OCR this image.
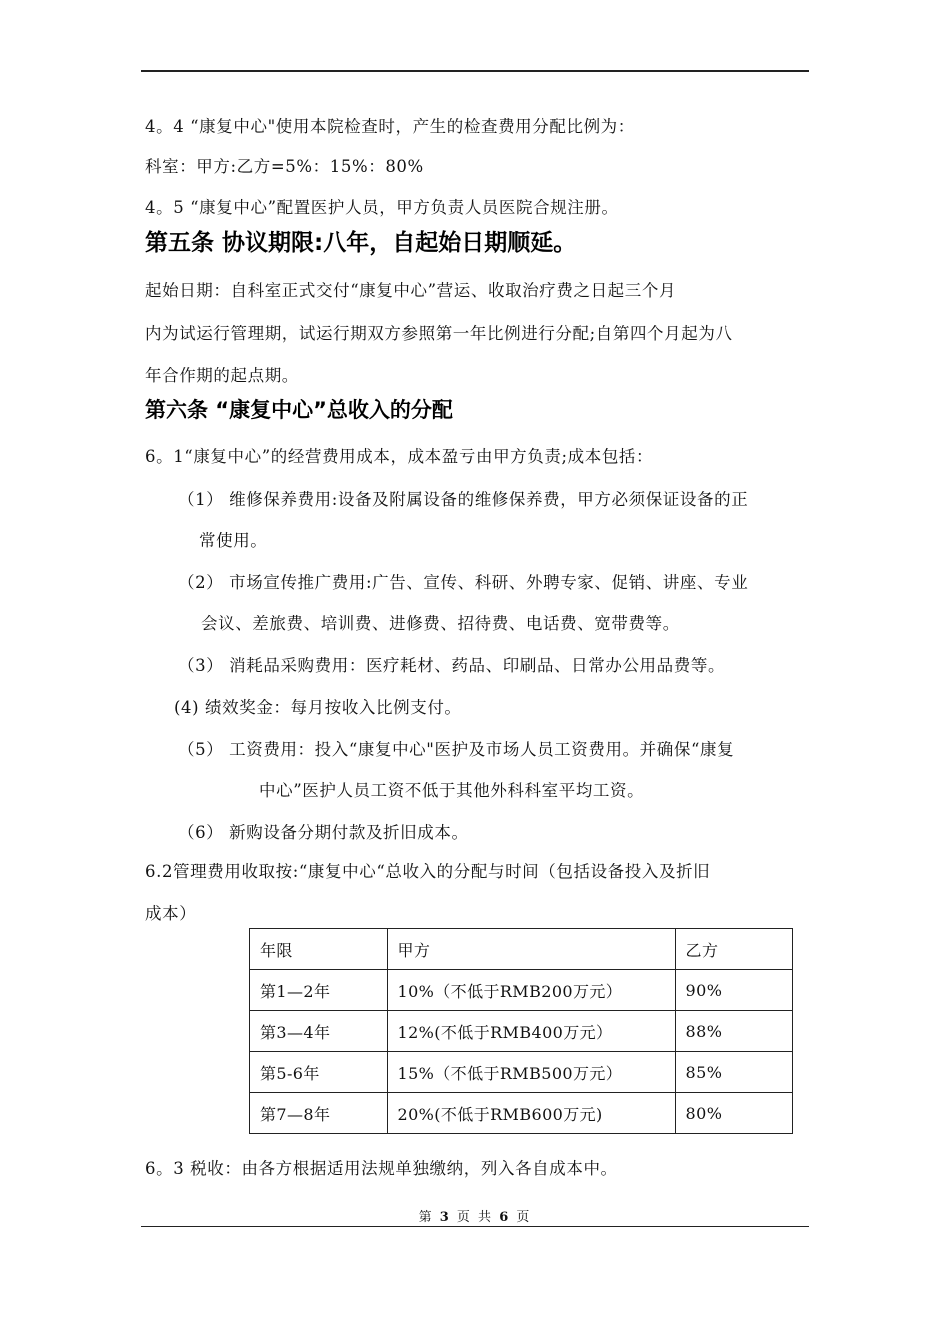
4。4 “康复中心"使用本院检查时，产生的检查费用分配比例为：
科室：甲方:乙方=5%：15%：80%
4。5 “康复中心”配置医护人员，甲方负责人员医院合规注册。
第五条 协议期限:八年，自起始日期顺延。
起始日期：自科室正式交付“康复中心”营运、收取治疗费之日起三个月
内为试运行管理期，试运行期双方参照第一年比例进行分配;自第四个月起为八
年合作期的起点期。
第六条 “康复中心”总收入的分配
6。1“康复中心”的经营费用成本，成本盈亏由甲方负责;成本包括：
（1） 维修保养费用:设备及附属设备的维修保养费，甲方必须保证设备的正
常使用。
（2） 市场宣传推广费用:广告、宣传、科研、外聘专家、促销、讲座、专业
会议、差旅费、培训费、进修费、招待费、电话费、宽带费等。
（3） 消耗品采购费用：医疗耗材、药品、印刷品、日常办公用品费等。
(4) 绩效奖金：每月按收入比例支付。
（5） 工资费用：投入“康复中心"医护及市场人员工资费用。并确保“康复
中心”医护人员工资不低于其他外科科室平均工资。
（6） 新购设备分期付款及折旧成本。
6.2管理费用收取按:“康复中心“总收入的分配与时间（包括设备投入及折旧
成本）
年限	甲方	乙方
第1—2年	10%（不低于RMB200万元）	90%
第3—4年	12%(不低于RMB400万元）	88%
第5-6年	15%（不低于RMB500万元）	85%
第7—8年	20%(不低于RMB600万元)	80%
6。3 税收：由各方根据适用法规单独缴纳，列入各自成本中。
第 3 页 共 6 页
